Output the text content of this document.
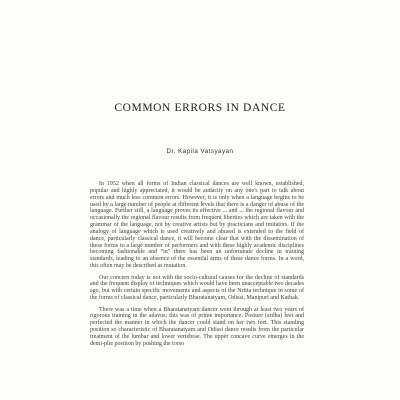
COMMON ERRORS IN DANCE
Dr. Kapila Vatsyayan

In 1952 when all forms of Indian classical dances are well known, established, popular and highly appreciated, it would be audacity on any one's part to talk about errors and much less common errors. However, it is only when a language begins to be used by a large number of people at different levels that there is a danger of abuse of the language. Further still, a language proves its effective ... and ... the regional flavour and occasionally the regional flavour results from frequent liberties which are taken with the grammar of the language, not by creative artists but by practicians and imitators. If the analogy of language which is used creatively and abused is extended to the field of dance, particularly classical dance, it will become clear that with the dissemination of these forms to a large number of performers and with these highly academic disciplines becoming fashionable and "in" there has been an unfortunate decline in training standards, leading to an absence of the essential arms of these dance forms. In a word, this often may be described as mutation.

Our concern today is not with the socio-cultural causes for the decline of standards and the frequent display of techniques which would have been unacceptable two decades ago, but with certain specific movements and aspects of the Nritta technique in some of the forms of classical dance, particularly Bharatanatyam, Odissi, Manipuri and Kathak.

There was a time when a Bharatanatyam dancer went through at least two years of rigorous training in the adavus; this was of prime importance. Posture (ardha) feet and perfected the manner in which the dancer could stand on her two feet. This standing position so characteristic of Bharatanatyam and Odissi dance results from the particular treatment of the lumbar and lower vertebrae. The upper concave curve emerges in the demi-plie position by pushing the torso
